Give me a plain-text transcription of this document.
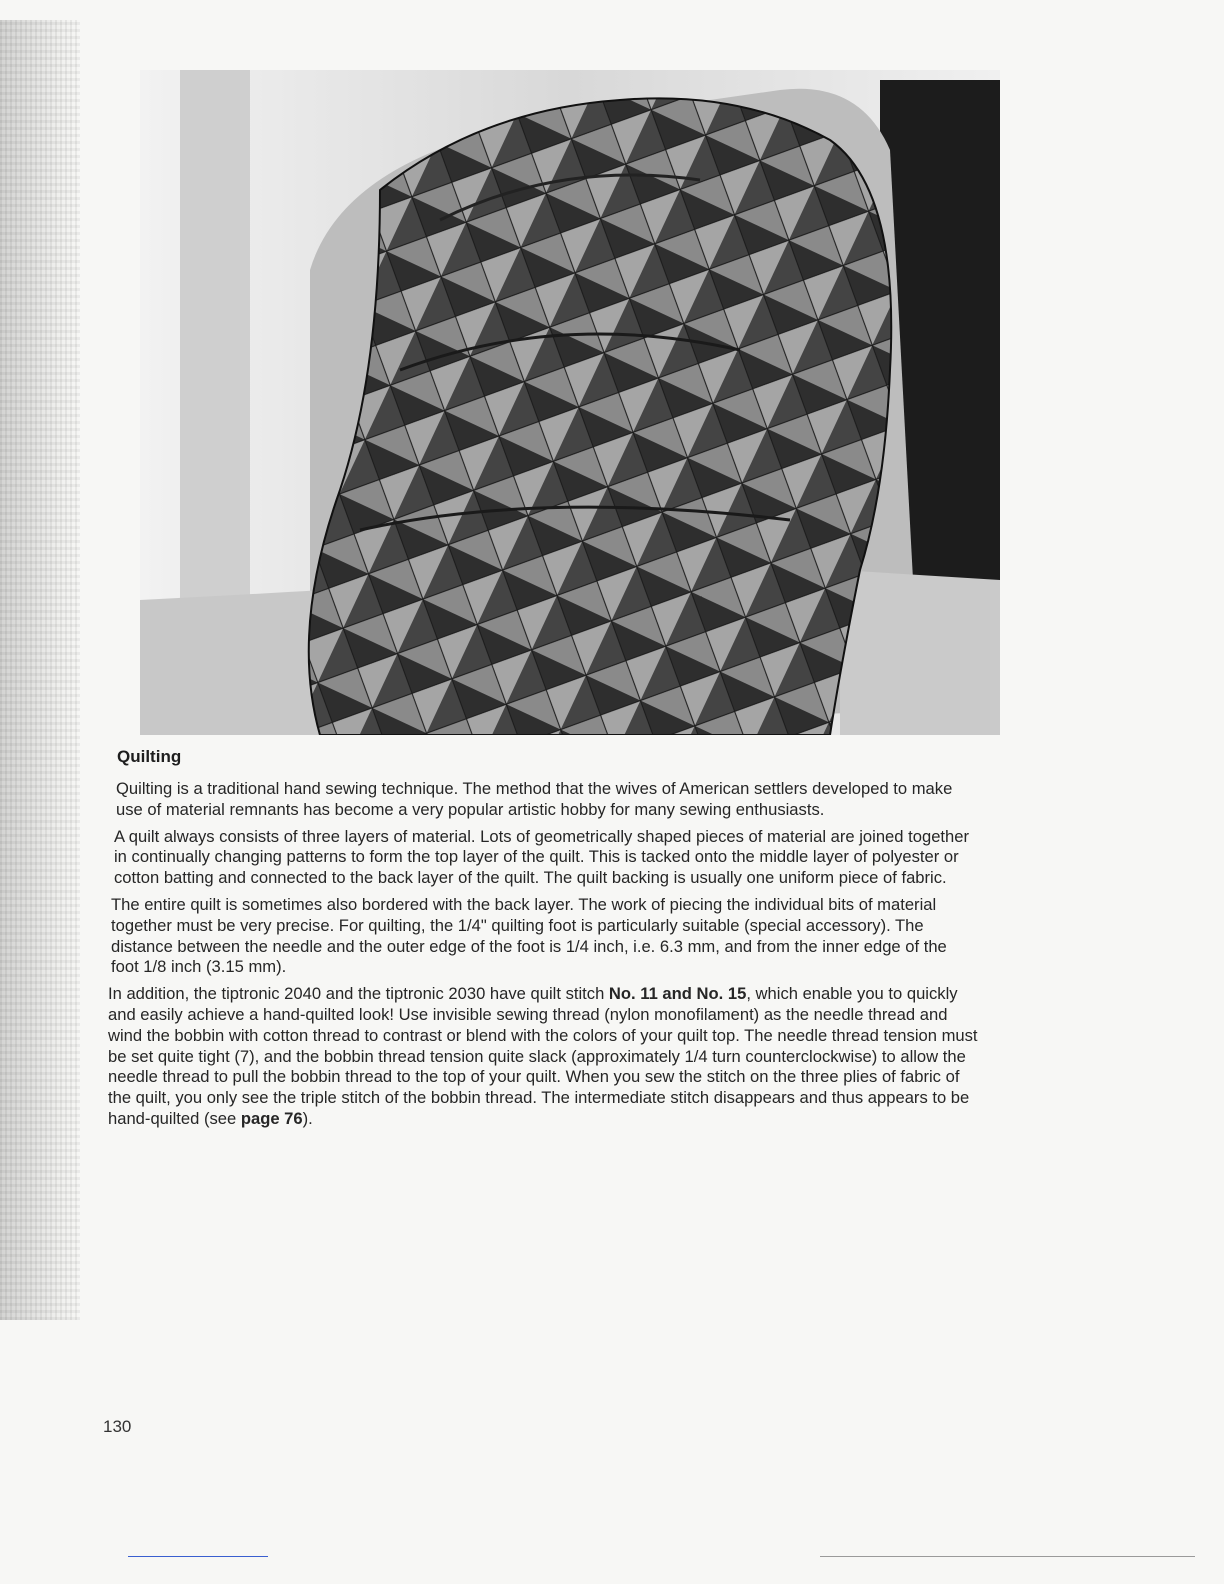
Quilting

Quilting is a traditional hand sewing technique. The method that the wives of American settlers developed to make use of material remnants has become a very popular artistic hobby for many sewing enthusiasts.

A quilt always consists of three layers of material. Lots of geometrically shaped pieces of material are joined together in continually changing patterns to form the top layer of the quilt. This is tacked onto the middle layer of polyester or cotton batting and connected to the back layer of the quilt. The quilt backing is usually one uniform piece of fabric.

The entire quilt is sometimes also bordered with the back layer. The work of piecing the individual bits of material together must be very precise. For quilting, the 1/4" quilting foot is particularly suitable (special accessory). The distance between the needle and the outer edge of the foot is 1/4 inch, i.e. 6.3 mm, and from the inner edge of the foot 1/8 inch (3.15 mm).

In addition, the tiptronic 2040 and the tiptronic 2030 have quilt stitch No. 11 and No. 15, which enable you to quickly and easily achieve a hand-quilted look! Use invisible sewing thread (nylon monofilament) as the needle thread and wind the bobbin with cotton thread to contrast or blend with the colors of your quilt top. The needle thread tension must be set quite tight (7), and the bobbin thread tension quite slack (approximately 1/4 turn counterclockwise) to allow the needle thread to pull the bobbin thread to the top of your quilt. When you sew the stitch on the three plies of fabric of the quilt, you only see the triple stitch of the bobbin thread. The intermediate stitch disappears and thus appears to be hand-quilted (see page 76).

130
